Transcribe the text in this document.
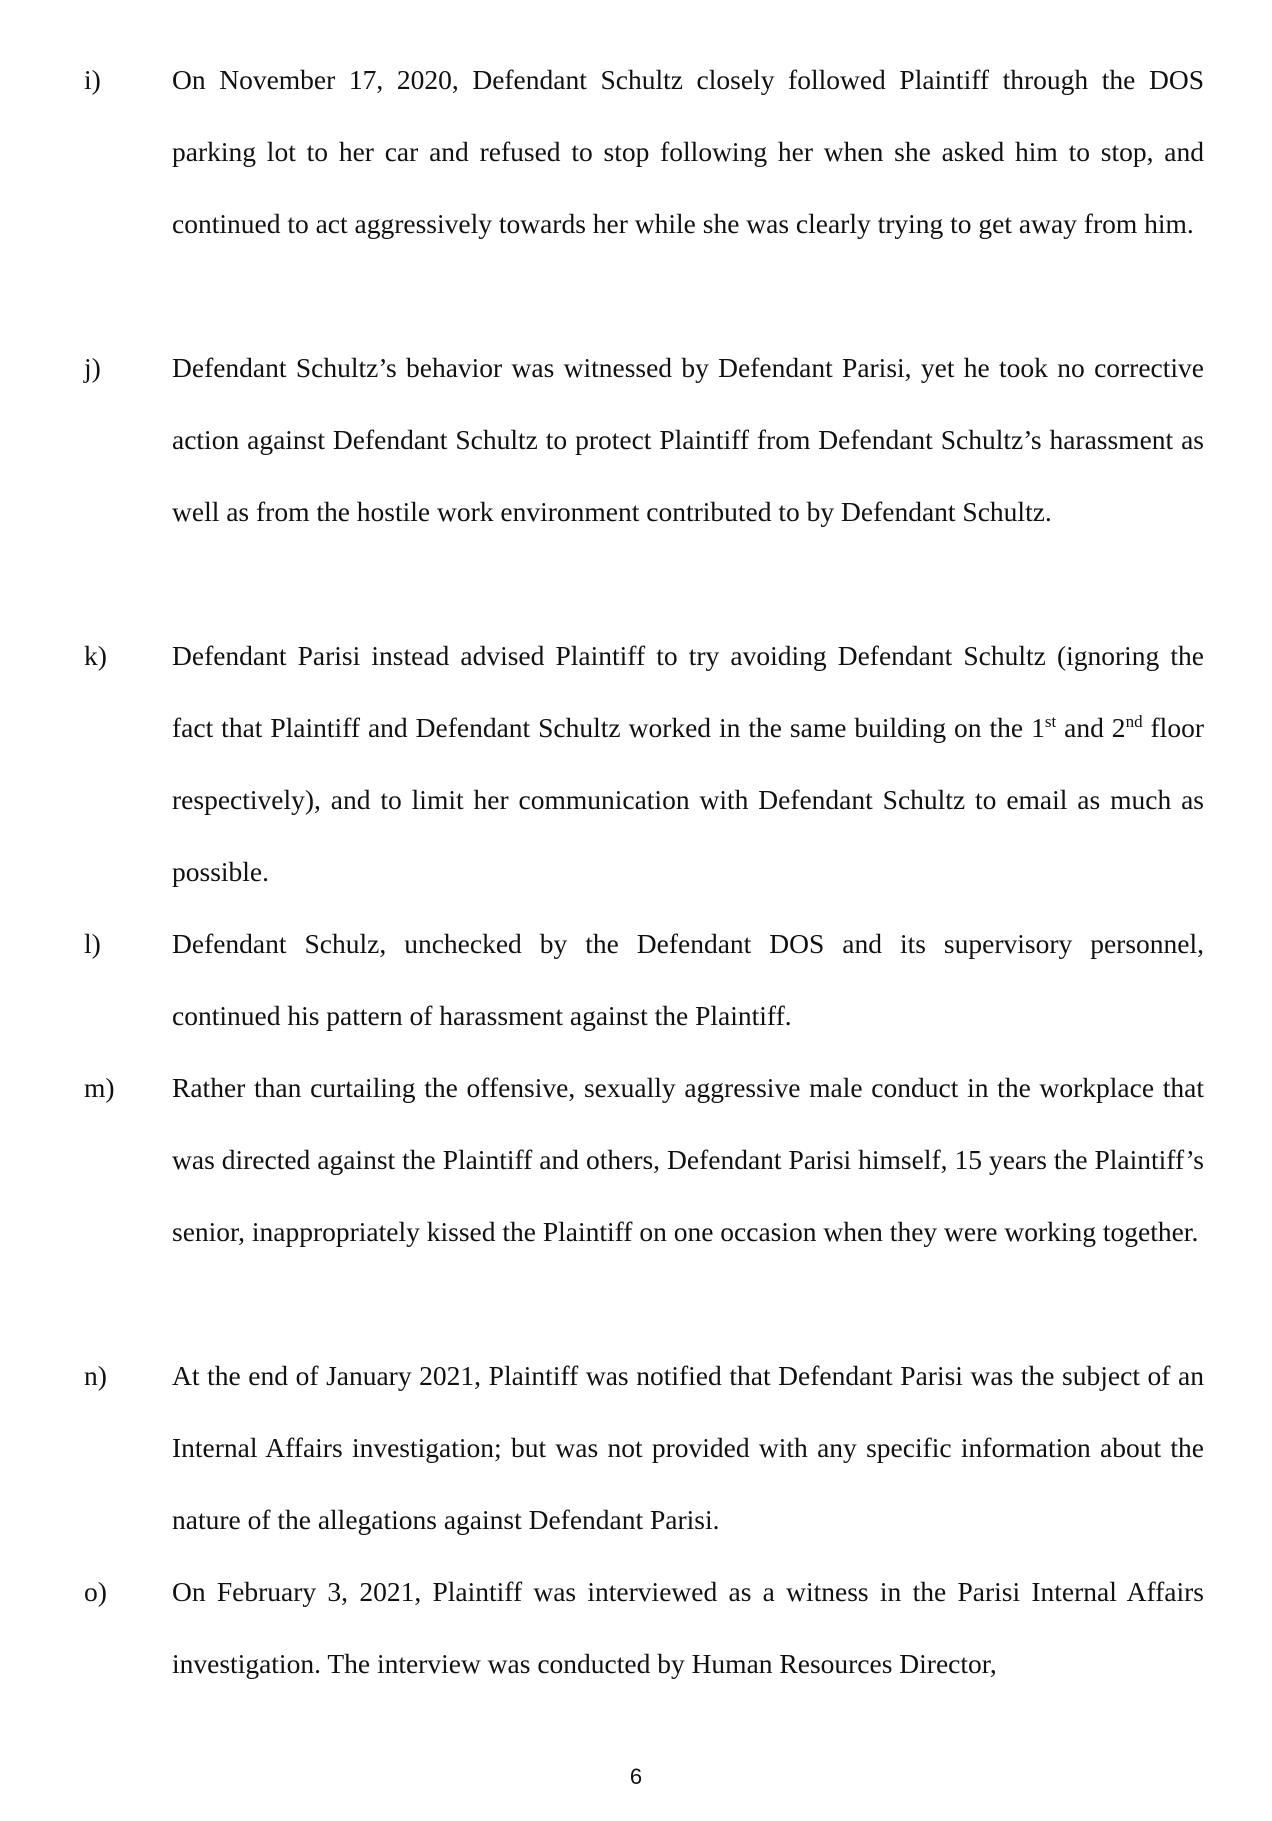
i)	On November 17, 2020, Defendant Schultz closely followed Plaintiff through the DOS parking lot to her car and refused to stop following her when she asked him to stop, and continued to act aggressively towards her while she was clearly trying to get away from him.

j)	Defendant Schultz’s behavior was witnessed by Defendant Parisi, yet he took no corrective action against Defendant Schultz to protect Plaintiff from Defendant Schultz’s harassment as well as from the hostile work environment contributed to by Defendant Schultz.

k) Defendant Parisi instead advised Plaintiff to try avoiding Defendant Schultz (ignoring the fact that Plaintiff and Defendant Schultz worked in the same building on the 1st and 2nd floor respectively), and to limit her communication with Defendant Schultz to email as much as possible.

l)	Defendant Schulz, unchecked by the Defendant DOS and its supervisory personnel, continued his pattern of harassment against the Plaintiff.

m) Rather than curtailing the offensive, sexually aggressive male conduct in the workplace that was directed against the Plaintiff and others, Defendant Parisi himself, 15 years the Plaintiff’s senior, inappropriately kissed the Plaintiff on one occasion when they were working together.

n) At the end of January 2021, Plaintiff was notified that Defendant Parisi was the subject of an Internal Affairs investigation; but was not provided with any specific information about the nature of the allegations against Defendant Parisi.

o) On February 3, 2021, Plaintiff was interviewed as a witness in the Parisi Internal Affairs investigation. The interview was conducted by Human Resources Director,

6
